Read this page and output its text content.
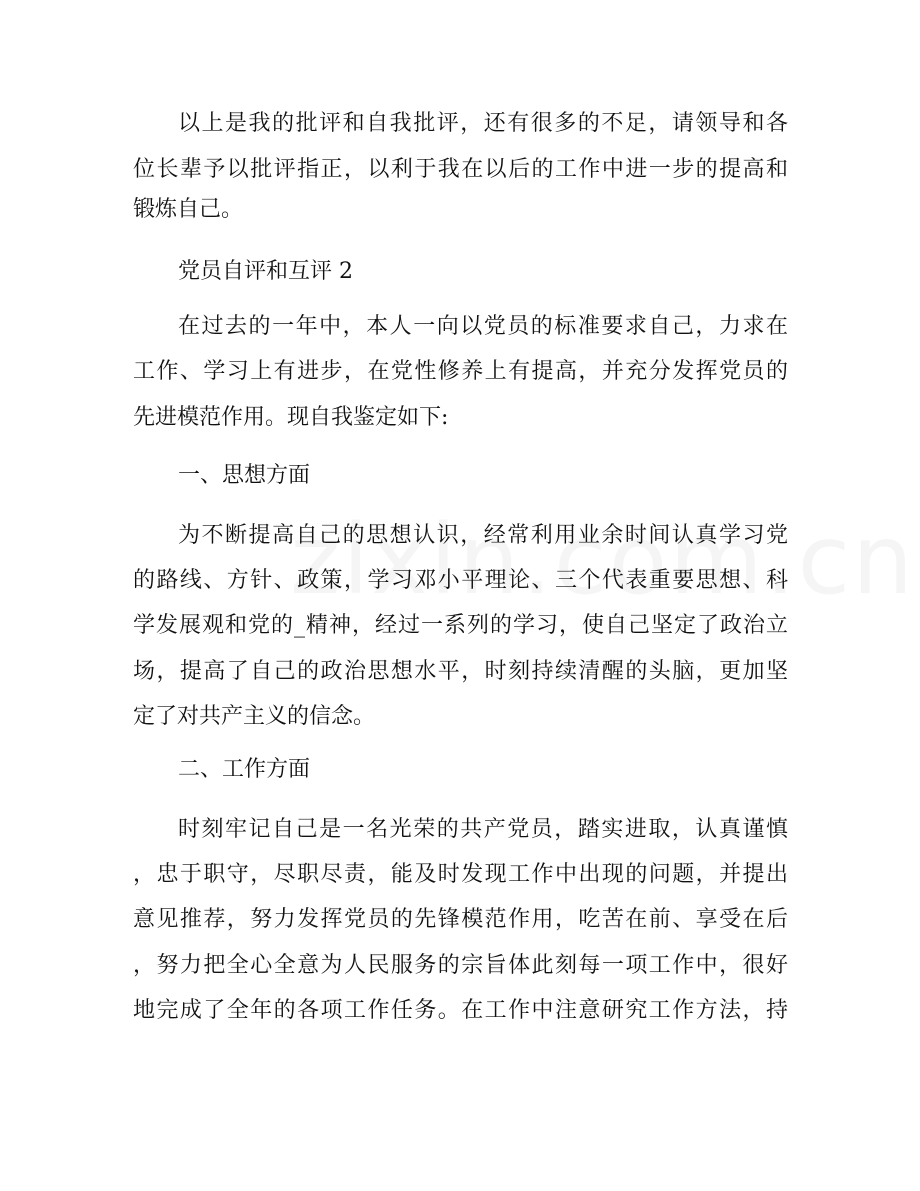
以上是我的批评和自我批评，还有很多的不足，请领导和各
位长辈予以批评指正，以利于我在以后的工作中进一步的提高和
锻炼自己。
党员自评和互评 2
在过去的一年中，本人一向以党员的标准要求自己，力求在
工作、学习上有进步，在党性修养上有提高，并充分发挥党员的
先进模范作用。现自我鉴定如下:
一、思想方面
为不断提高自己的思想认识，经常利用业余时间认真学习党
的路线、方针、政策，学习邓小平理论、三个代表重要思想、科
学发展观和党的_精神，经过一系列的学习，使自己坚定了政治立
场，提高了自己的政治思想水平，时刻持续清醒的头脑，更加坚
定了对共产主义的信念。
二、工作方面
时刻牢记自己是一名光荣的共产党员，踏实进取，认真谨慎
，忠于职守，尽职尽责，能及时发现工作中出现的问题，并提出
意见推荐，努力发挥党员的先锋模范作用，吃苦在前、享受在后
，努力把全心全意为人民服务的宗旨体此刻每一项工作中，很好
地完成了全年的各项工作任务。在工作中注意研究工作方法，持
